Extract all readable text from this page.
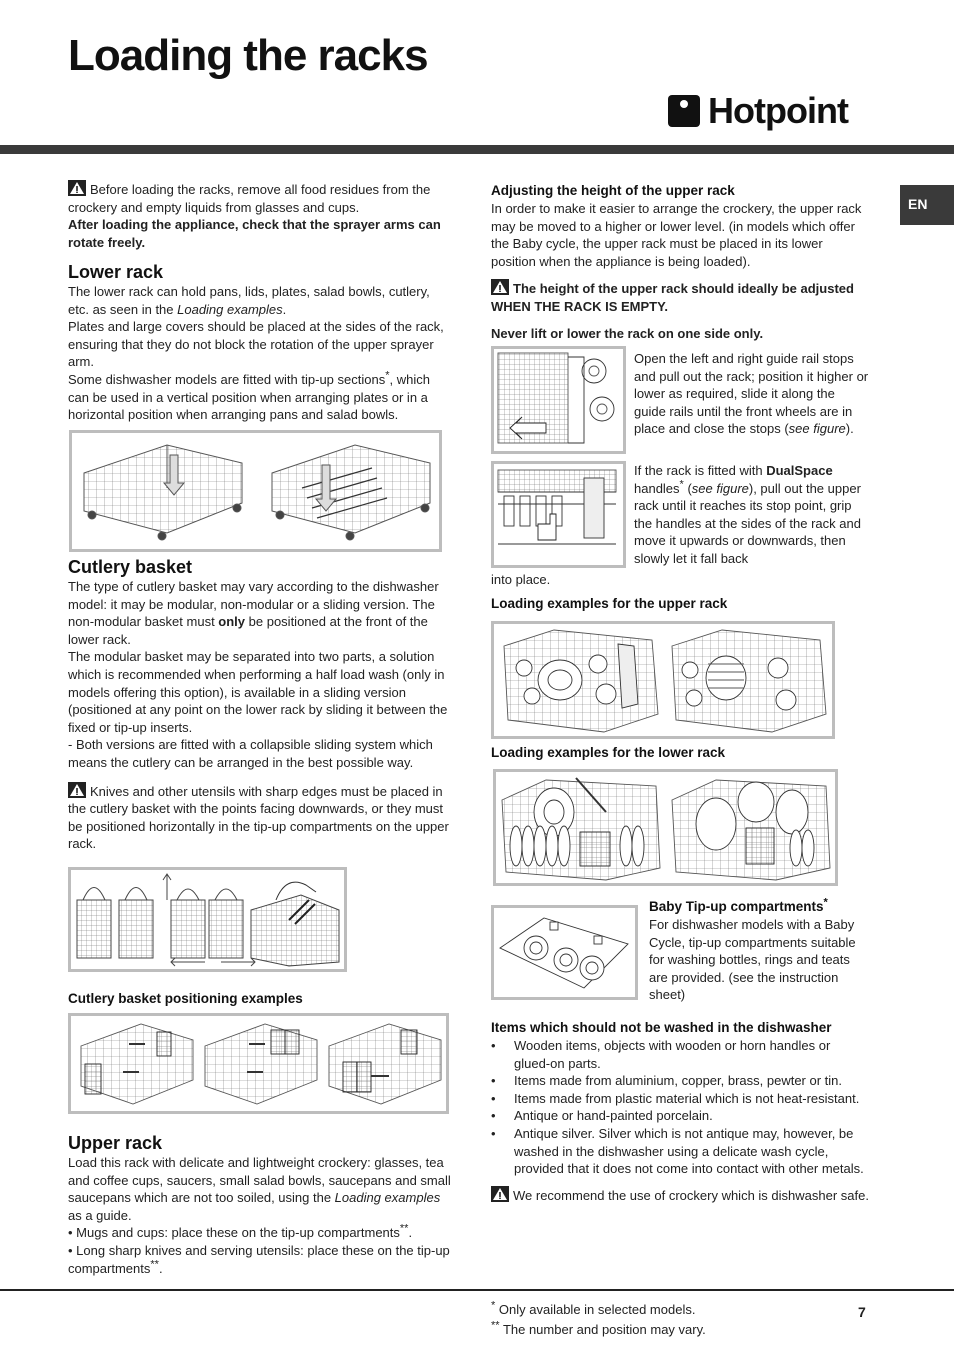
Loading the racks
Hotpoint
EN

Before loading the racks, remove all food residues from the crockery and empty liquids from glasses and cups.

After loading the appliance, check that the sprayer arms can rotate freely.

Lower rack

The lower rack can hold pans, lids, plates, salad bowls, cutlery, etc. as seen in the Loading examples.

Plates and large covers should be placed at the sides of the rack, ensuring that they do not block the rotation of the upper sprayer arm.

Some dishwasher models are fitted with tip-up sections*, which can be used in a vertical position when arranging plates or in a horizontal position when arranging pans and salad bowls.

Cutlery basket

The type of cutlery basket may vary according to the dishwasher model: it may be modular, non-modular or a sliding version. The non-modular basket must only be positioned at the front of the lower rack.

The modular basket may be separated into two parts, a solution which is recommended when performing a half load wash (only in models offering this option), is available in a sliding version (positioned at any point on the lower rack by sliding it between the fixed or tip-up inserts.

- Both versions are fitted with a collapsible sliding system which means the cutlery can be arranged in the best possible way.

Knives and other utensils with sharp edges must be placed in the cutlery basket with the points facing downwards, or they must be positioned horizontally in the tip-up compartments on the upper rack.

Cutlery basket positioning examples
Upper rack

Load this rack with delicate and lightweight crockery: glasses, tea and coffee cups, saucers, small salad bowls, saucepans and small saucepans which are not too soiled, using the Loading examples as a guide.

• Mugs and cups: place these on the tip-up compartments**.

• Long sharp knives and serving utensils: place these on the tip-up compartments**.

Adjusting the height of the upper rack

In order to make it easier to arrange the crockery, the upper rack may be moved to a higher or lower level. (in models which offer the Baby cycle, the upper rack must be placed in its lower position when the appliance is being loaded).

The height of the upper rack should ideally be adjusted WHEN THE RACK IS EMPTY.

Never lift or lower the rack on one side only.

Open the left and right guide rail stops and pull out the rack; position it higher or lower as required, slide it along the guide rails until the front wheels are in place and close the stops (see figure).

If the rack is fitted with DualSpace handles* (see figure), pull out the upper rack until it reaches its stop point, grip the handles at the sides of the rack and move it upwards or downwards, then slowly let it fall back

into place.

Loading examples for the upper rack
Loading examples for the lower rack
Baby Tip-up compartments*

For dishwasher models with a Baby Cycle, tip-up compartments suitable for washing bottles, rings and teats are provided. (see the instruction sheet)

Items which should not be washed in the dishwasher
• Wooden items, objects with wooden or horn handles or glued-on parts.
• Items made from aluminium, copper, brass, pewter or tin.
• Items made from plastic material which is not heat-resistant.
• Antique or hand-painted porcelain.
• Antique silver. Silver which is not antique may, however, be washed in the dishwasher using a delicate wash cycle, provided that it does not come into contact with other metals.

We recommend the use of crockery which is dishwasher safe.

* Only available in selected models.

** The number and position may vary.

7
